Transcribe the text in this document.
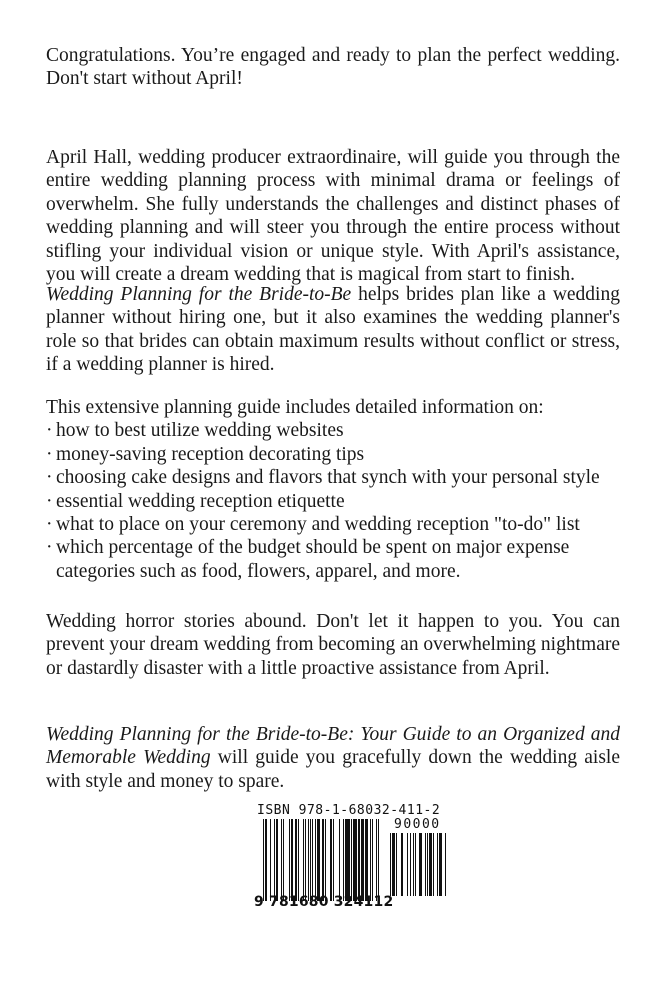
Congratulations. You’re engaged and ready to plan the perfect wedding. Don't start without April!

April Hall, wedding producer extraordinaire, will guide you through the entire wedding planning process with minimal drama or feelings of overwhelm. She fully understands the challenges and distinct phases of wedding planning and will steer you through the entire process without stifling your individual vision or unique style. With April's assistance, you will create a dream wedding that is magical from start to finish.

Wedding Planning for the Bride-to-Be helps brides plan like a wedding planner without hiring one, but it also examines the wedding planner's role so that brides can obtain maximum results without conflict or stress, if a wedding planner is hired.

This extensive planning guide includes detailed information on:
· how to best utilize wedding websites
· money-saving reception decorating tips
· choosing cake designs and flavors that synch with your personal style
· essential wedding reception etiquette
· what to place on your ceremony and wedding reception "to-do" list
· which percentage of the budget should be spent on major expense
categories such as food, flowers, apparel, and more.

Wedding horror stories abound. Don't let it happen to you. You can prevent your dream wedding from becoming an overwhelming nightmare or dastardly disaster with a little proactive assistance from April.

Wedding Planning for the Bride-to-Be: Your Guide to an Organized and Memorable Wedding will guide you gracefully down the wedding aisle with style and money to spare.

ISBN 978-1-68032-411-2
90000
9 781680 324112
